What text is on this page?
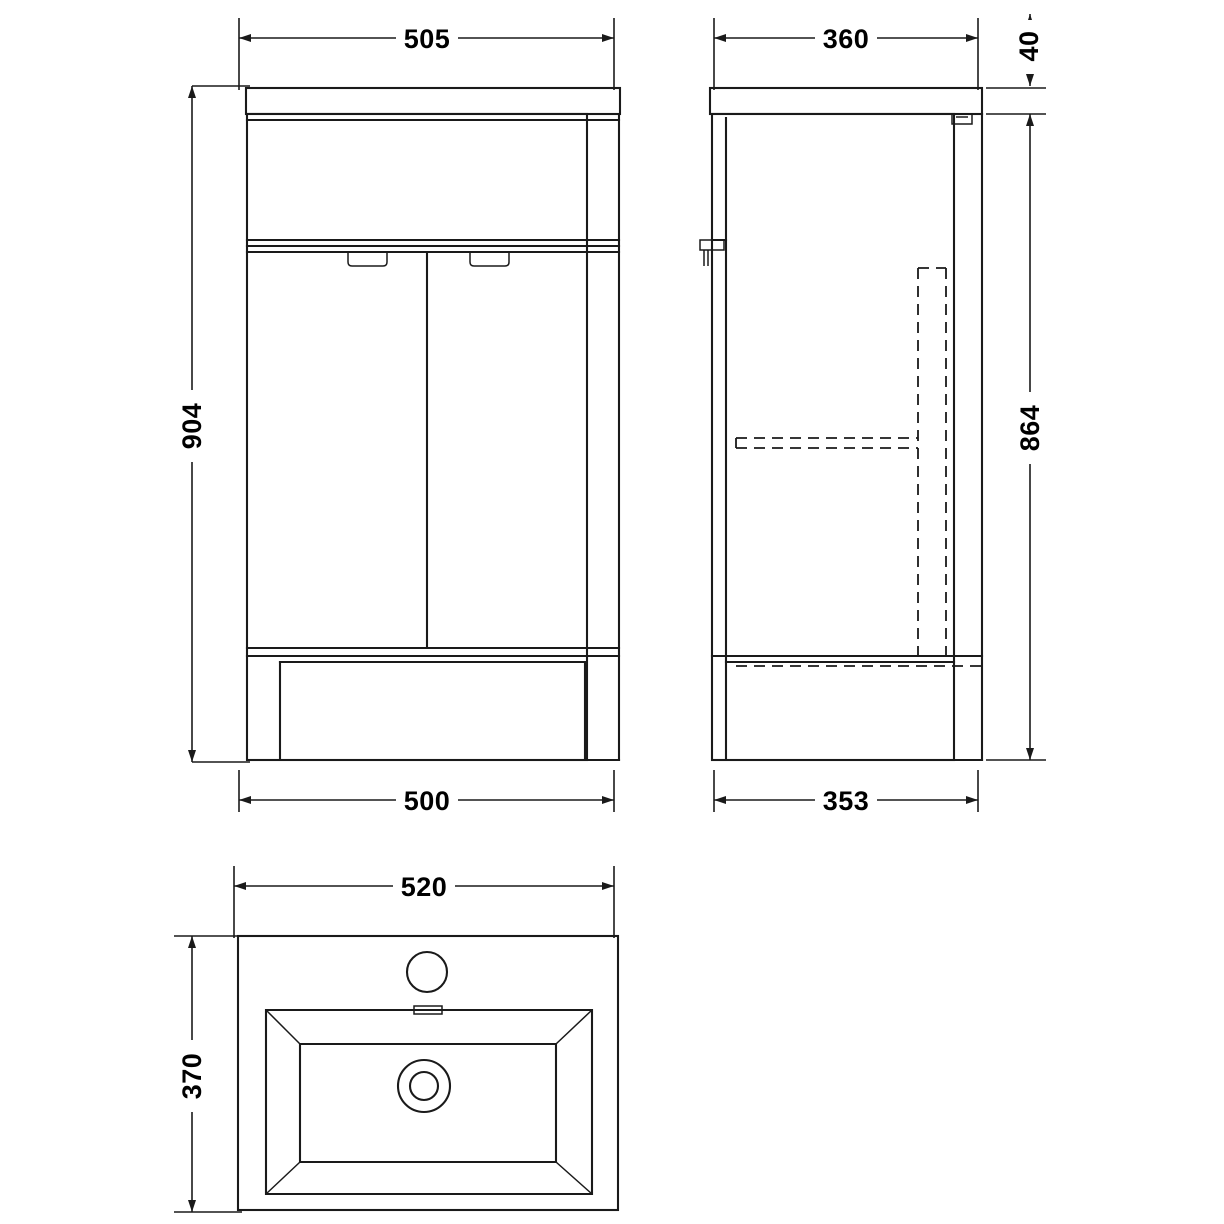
505
904
500
360	40
864
353
520
370
